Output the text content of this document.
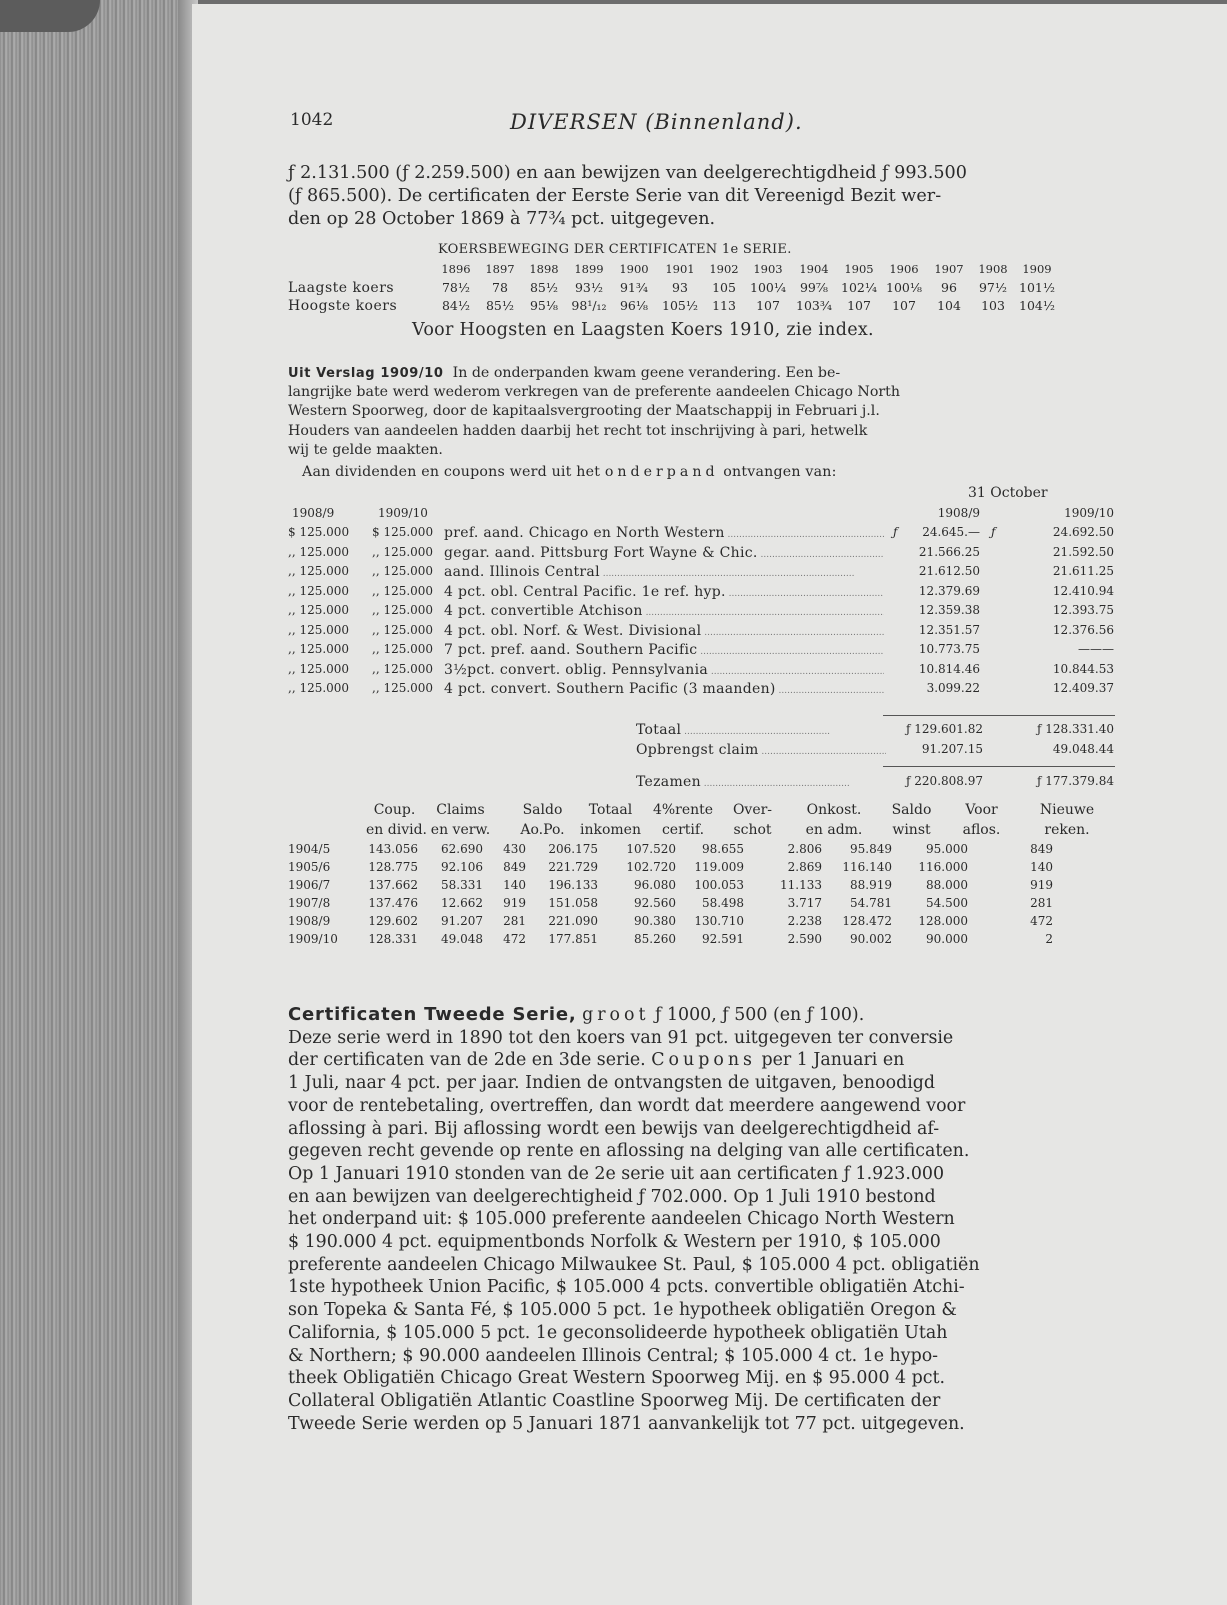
1042	DIVERSEN (Binnenland).
ƒ 2.131.500 (ƒ 2.259.500) en aan bewijzen van deelgerechtigdheid ƒ 993.500
(ƒ 865.500). De certificaten der Eerste Serie van dit Vereenigd Bezit wer-
den op 28 October 1869 à 77¾ pct. uitgegeven.
KOERSBEWEGING DER CERTIFICATEN 1e SERIE.
1896	1897	1898	1899	1900	1901	1902	1903	1904	1905	1906	1907	1908	1909
Laagste koers	78½	78	85½	93½	91¾	93	105	100¼	99⅞	102¼ 100⅛	96	97½ 101½
Hoogste koers	84½	85½	95⅛	98¹/₁₂	96⅛	105½	113	107	103¾	107	107	104	103	104½
Voor Hoogsten en Laagsten Koers 1910, zie index.
Uit Verslag 1909/10 In de onderpanden kwam geene verandering. Een be-
langrijke bate werd wederom verkregen van de preferente aandeelen Chicago North
Western Spoorweg, door de kapitaalsvergrooting der Maatschappij in Februari j.l.
Houders van aandeelen hadden daarbij het recht tot inschrijving à pari, hetwelk
wij te gelde maakten.
Aan dividenden en coupons werd uit het onderpand ontvangen van:
31 October
1908/9	1909/10	1908/9	1909/10
$ 125.000	$ 125.000 pref. aand. Chicago en North Western .....	ƒ	24.645.— ƒ	24.692.50
,, 125.000	,, 125.000 gegar. aand. Pittsburg Fort Wayne & Chic. .....	21.566.25	21.592.50
,, 125.000	,, 125.000 aand. Illinois Central .....	21.612.50	21.611.25
,, 125.000	,, 125.000 4 pct. obl. Central Pacific. 1e ref. hyp. .....	12.379.69	12.410.94
,, 125.000	,, 125.000 4 pct. convertible Atchison .....	12.359.38	12.393.75
,, 125.000	,, 125.000 4 pct. obl. Norf. & West. Divisional .....	12.351.57	12.376.56
,, 125.000	,, 125.000 7 pct. pref. aand. Southern Pacific .....	10.773.75	———
,, 125.000	,, 125.000 3½pct. convert. oblig. Pennsylvania .....	10.814.46	10.844.53
,, 125.000	,, 125.000 4 pct. convert. Southern Pacific (3 maanden) .....	3.099.22	12.409.37
Totaal .....	ƒ 129.601.82	ƒ 128.331.40
Opbrengst claim .....	91.207.15	49.048.44
Tezamen .....	ƒ 220.808.97	ƒ 177.379.84
Coup.	Claims	Saldo	Totaal	4%rente	Over-	Onkost.	Saldo	Voor	Nieuwe
en divid. en verw.	Ao.Po.	inkomen	certif.	schot	en adm.	winst	aflos.	reken.
1904/5	143.056	62.690	430	206.175	107.520	98.655	2.806	95.849	95.000	849
1905/6	128.775	92.106	849	221.729	102.720	119.009	2.869	116.140	116.000	140
1906/7	137.662	58.331	140	196.133	96.080	100.053	11.133	88.919	88.000	919
1907/8	137.476	12.662	919	151.058	92.560	58.498	3.717	54.781	54.500	281
1908/9	129.602	91.207	281	221.090	90.380	130.710	2.238	128.472	128.000	472
1909/10	128.331	49.048	472	177.851	85.260	92.591	2.590	90.002	90.000	2
Certificaten Tweede Serie, groot ƒ 1000, ƒ 500 (en ƒ 100).
Deze serie werd in 1890 tot den koers van 91 pct. uitgegeven ter conversie
der certificaten van de 2de en 3de serie. Coupons per 1 Januari en
1 Juli, naar 4 pct. per jaar. Indien de ontvangsten de uitgaven, benoodigd
voor de rentebetaling, overtreffen, dan wordt dat meerdere aangewend voor
aflossing à pari. Bij aflossing wordt een bewijs van deelgerechtigdheid af-
gegeven recht gevende op rente en aflossing na delging van alle certificaten.
Op 1 Januari 1910 stonden van de 2e serie uit aan certificaten ƒ 1.923.000
en aan bewijzen van deelgerechtigheid ƒ 702.000. Op 1 Juli 1910 bestond
het onderpand uit: $ 105.000 preferente aandeelen Chicago North Western
$ 190.000 4 pct. equipmentbonds Norfolk & Western per 1910, $ 105.000
preferente aandeelen Chicago Milwaukee St. Paul, $ 105.000 4 pct. obligatiën
1ste hypotheek Union Pacific, $ 105.000 4 pcts. convertible obligatiën Atchi-
son Topeka & Santa Fé, $ 105.000 5 pct. 1e hypotheek obligatiën Oregon &
California, $ 105.000 5 pct. 1e geconsolideerde hypotheek obligatiën Utah
& Northern; $ 90.000 aandeelen Illinois Central; $ 105.000 4 ct. 1e hypo-
theek Obligatiën Chicago Great Western Spoorweg Mij. en $ 95.000 4 pct.
Collateral Obligatiën Atlantic Coastline Spoorweg Mij. De certificaten der
Tweede Serie werden op 5 Januari 1871 aanvankelijk tot 77 pct. uitgegeven.
